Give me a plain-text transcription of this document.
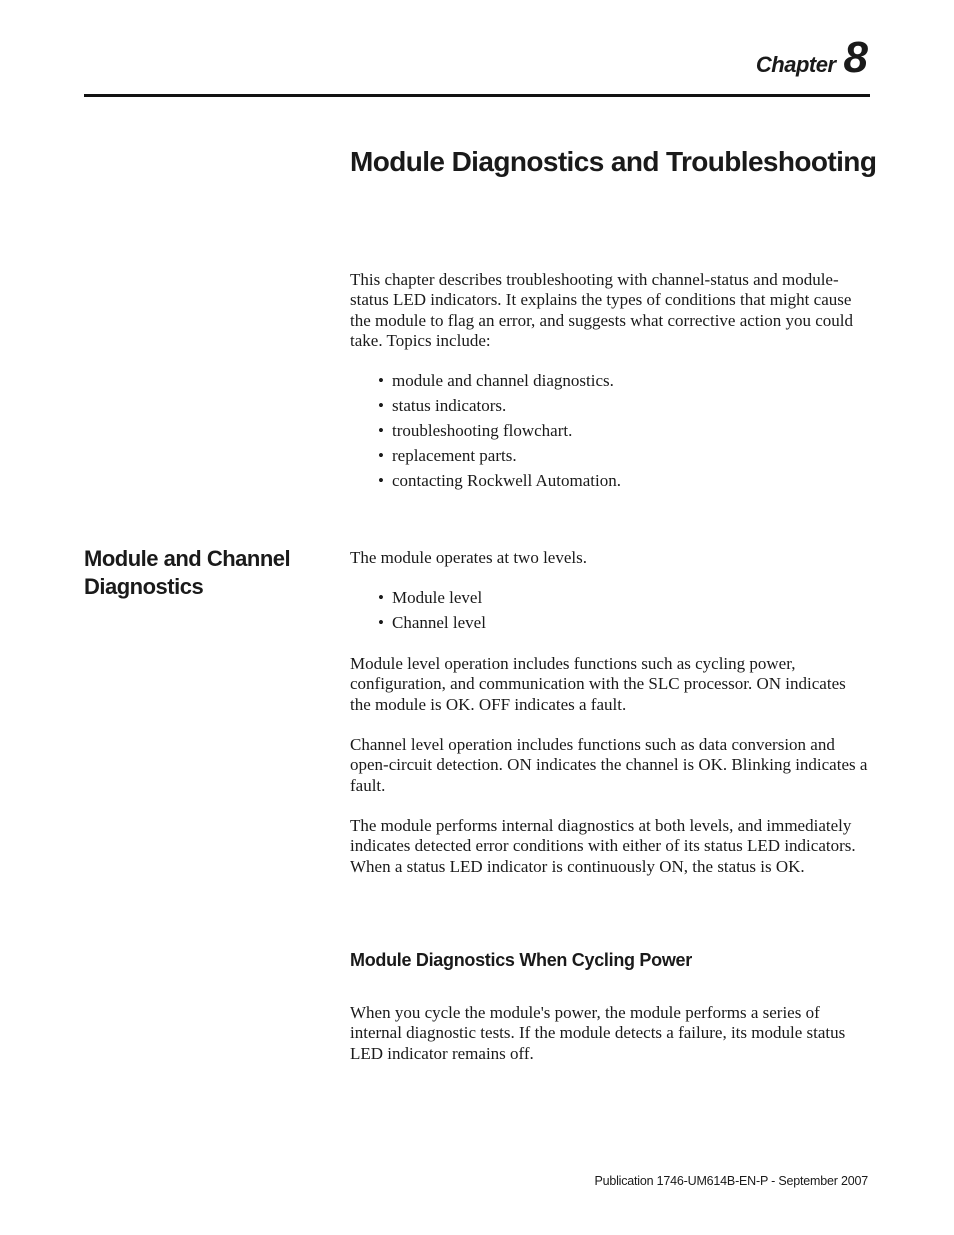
Chapter 8
Module Diagnostics and Troubleshooting

This chapter describes troubleshooting with channel-status and module-status LED indicators. It explains the types of conditions that might cause the module to flag an error, and suggests what corrective action you could take. Topics include:

• module and channel diagnostics.
• status indicators.
• troubleshooting flowchart.
• replacement parts.
• contacting Rockwell Automation.
Module and Channel Diagnostics

The module operates at two levels.

• Module level
• Channel level

Module level operation includes functions such as cycling power, configuration, and communication with the SLC processor. ON indicates the module is OK. OFF indicates a fault.

Channel level operation includes functions such as data conversion and open-circuit detection. ON indicates the channel is OK. Blinking indicates a fault.

The module performs internal diagnostics at both levels, and immediately indicates detected error conditions with either of its status LED indicators. When a status LED indicator is continuously ON, the status is OK.

Module Diagnostics When Cycling Power

When you cycle the module's power, the module performs a series of internal diagnostic tests. If the module detects a failure, its module status LED indicator remains off.

Publication 1746-UM614B-EN-P - September 2007
